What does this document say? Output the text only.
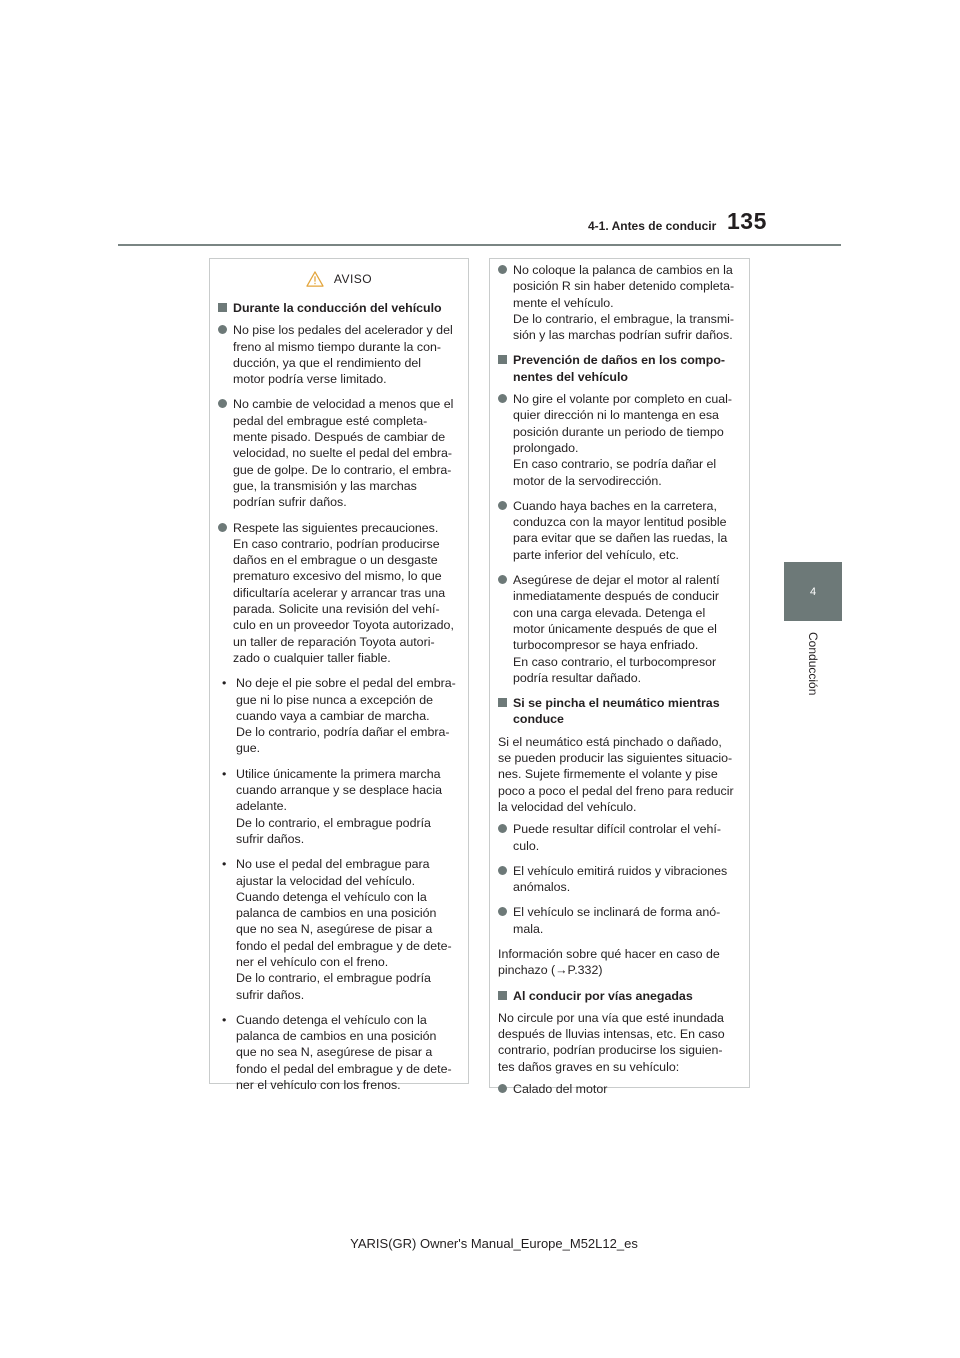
4-1. Antes de conducir 135
4
Conducción
AVISO
Durante la conducción del vehículo
No pise los pedales del acelerador y del
freno al mismo tiempo durante la con-
ducción, ya que el rendimiento del
motor podría verse limitado.
No cambie de velocidad a menos que el
pedal del embrague esté completa-
mente pisado. Después de cambiar de
velocidad, no suelte el pedal del embra-
gue de golpe. De lo contrario, el embra-
gue, la transmisión y las marchas
podrían sufrir daños.
Respete las siguientes precauciones.
En caso contrario, podrían producirse
daños en el embrague o un desgaste
prematuro excesivo del mismo, lo que
dificultaría acelerar y arrancar tras una
parada. Solicite una revisión del vehí-
culo en un proveedor Toyota autorizado,
un taller de reparación Toyota autori-
zado o cualquier taller fiable.
• No deje el pie sobre el pedal del embra-
gue ni lo pise nunca a excepción de
cuando vaya a cambiar de marcha.
De lo contrario, podría dañar el embra-
gue.
• Utilice únicamente la primera marcha
cuando arranque y se desplace hacia
adelante.
De lo contrario, el embrague podría
sufrir daños.
• No use el pedal del embrague para
ajustar la velocidad del vehículo.
Cuando detenga el vehículo con la
palanca de cambios en una posición
que no sea N, asegúrese de pisar a
fondo el pedal del embrague y de dete-
ner el vehículo con el freno.
De lo contrario, el embrague podría
sufrir daños.
• Cuando detenga el vehículo con la
palanca de cambios en una posición
que no sea N, asegúrese de pisar a
fondo el pedal del embrague y de dete-
ner el vehículo con los frenos.
No coloque la palanca de cambios en la
posición R sin haber detenido completa-
mente el vehículo.
De lo contrario, el embrague, la transmi-
sión y las marchas podrían sufrir daños.
Prevención de daños en los compo-
nentes del vehículo
No gire el volante por completo en cual-
quier dirección ni lo mantenga en esa
posición durante un periodo de tiempo
prolongado.
En caso contrario, se podría dañar el
motor de la servodirección.
Cuando haya baches en la carretera,
conduzca con la mayor lentitud posible
para evitar que se dañen las ruedas, la
parte inferior del vehículo, etc.
Asegúrese de dejar el motor al ralentí
inmediatamente después de conducir
con una carga elevada. Detenga el
motor únicamente después de que el
turbocompresor se haya enfriado.
En caso contrario, el turbocompresor
podría resultar dañado.
Si se pincha el neumático mientras
conduce
Si el neumático está pinchado o dañado,
se pueden producir las siguientes situacio-
nes. Sujete firmemente el volante y pise
poco a poco el pedal del freno para reducir
la velocidad del vehículo.
Puede resultar difícil controlar el vehí-
culo.
El vehículo emitirá ruidos y vibraciones
anómalos.
El vehículo se inclinará de forma anó-
mala.
Información sobre qué hacer en caso de
pinchazo (→P.332)
Al conducir por vías anegadas
No circule por una vía que esté inundada
después de lluvias intensas, etc. En caso
contrario, podrían producirse los siguien-
tes daños graves en su vehículo:
Calado del motor
YARIS(GR) Owner's Manual_Europe_M52L12_es
